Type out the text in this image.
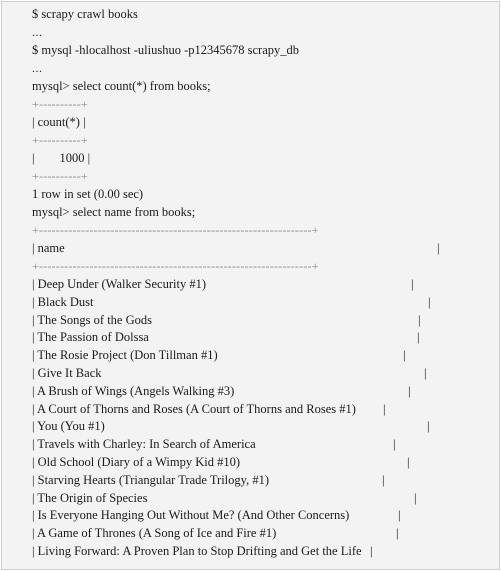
$ scrapy crawl books
...
$ mysql -hlocalhost -uliushuo -p12345678 scrapy_db
...
mysql> select count(*) from books;
+----------+
| count(*) |
+----------+
|        1000 |
+----------+
1 row in set (0.00 sec)
mysql> select name from books;
+-----------------------------------------------------------------+
| name	|
+-----------------------------------------------------------------+
| Deep Under (Walker Security #1)	|
| Black Dust	|
| The Songs of the Gods	|
| The Passion of Dolssa	|
| The Rosie Project (Don Tillman #1)	|
| Give It Back	|
| A Brush of Wings (Angels Walking #3)	|
| A Court of Thorns and Roses (A Court of Thorns and Roses #1) |
| You (You #1)	|
| Travels with Charley: In Search of America	|
| Old School (Diary of a Wimpy Kid #10)	|
| Starving Hearts (Triangular Trade Trilogy, #1)	|
| The Origin of Species	|
| Is Everyone Hanging Out Without Me? (And Other Concerns)	|
| A Game of Thrones (A Song of Ice and Fire #1)	|
| Living Forward: A Proven Plan to Stop Drifting and Get the Life |
